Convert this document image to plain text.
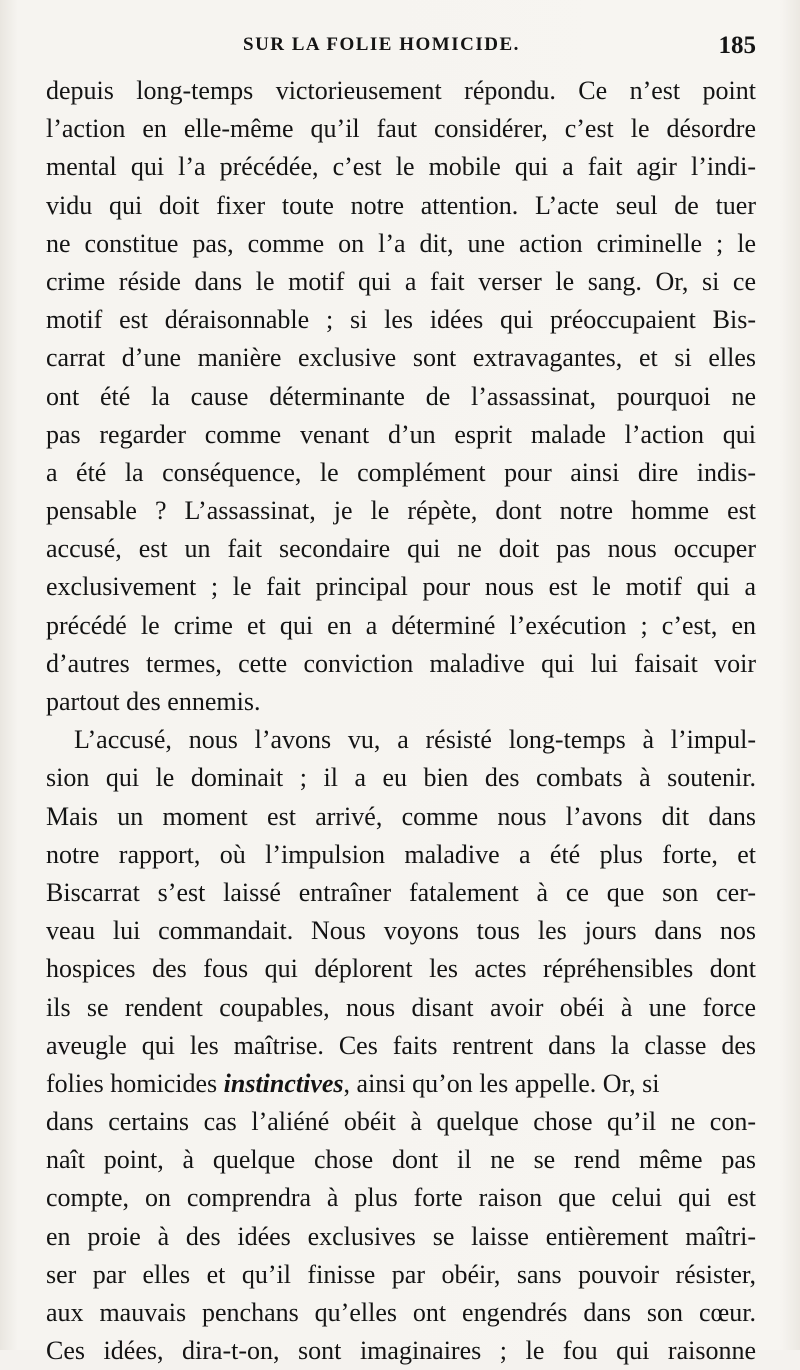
SUR LA FOLIE HOMICIDE.	185
depuis long-temps victorieusement répondu. Ce n’est point
l’action en elle-même qu’il faut considérer, c’est le désordre
mental qui l’a précédée, c’est le mobile qui a fait agir l’indi-
vidu qui doit fixer toute notre attention. L’acte seul de tuer
ne constitue pas, comme on l’a dit, une action criminelle ; le
crime réside dans le motif qui a fait verser le sang. Or, si ce
motif est déraisonnable ; si les idées qui préoccupaient Bis-
carrat d’une manière exclusive sont extravagantes, et si elles
ont été la cause déterminante de l’assassinat, pourquoi ne
pas regarder comme venant d’un esprit malade l’action qui
a été la conséquence, le complément pour ainsi dire indis-
pensable ? L’assassinat, je le répète, dont notre homme est
accusé, est un fait secondaire qui ne doit pas nous occuper
exclusivement ; le fait principal pour nous est le motif qui a
précédé le crime et qui en a déterminé l’exécution ; c’est, en
d’autres termes, cette conviction maladive qui lui faisait voir
partout des ennemis.
L’accusé, nous l’avons vu, a résisté long-temps à l’impul-
sion qui le dominait ; il a eu bien des combats à soutenir.
Mais un moment est arrivé, comme nous l’avons dit dans
notre rapport, où l’impulsion maladive a été plus forte, et
Biscarrat s’est laissé entraîner fatalement à ce que son cer-
veau lui commandait. Nous voyons tous les jours dans nos
hospices des fous qui déplorent les actes répréhensibles dont
ils se rendent coupables, nous disant avoir obéi à une force
aveugle qui les maîtrise. Ces faits rentrent dans la classe des
folies homicides instinctives, ainsi qu’on les appelle. Or, si
dans certains cas l’aliéné obéit à quelque chose qu’il ne con-
naît point, à quelque chose dont il ne se rend même pas
compte, on comprendra à plus forte raison que celui qui est
en proie à des idées exclusives se laisse entièrement maîtri-
ser par elles et qu’il finisse par obéir, sans pouvoir résister,
aux mauvais penchans qu’elles ont engendrés dans son cœur.
Ces idées, dira-t-on, sont imaginaires ; le fou qui raisonne
